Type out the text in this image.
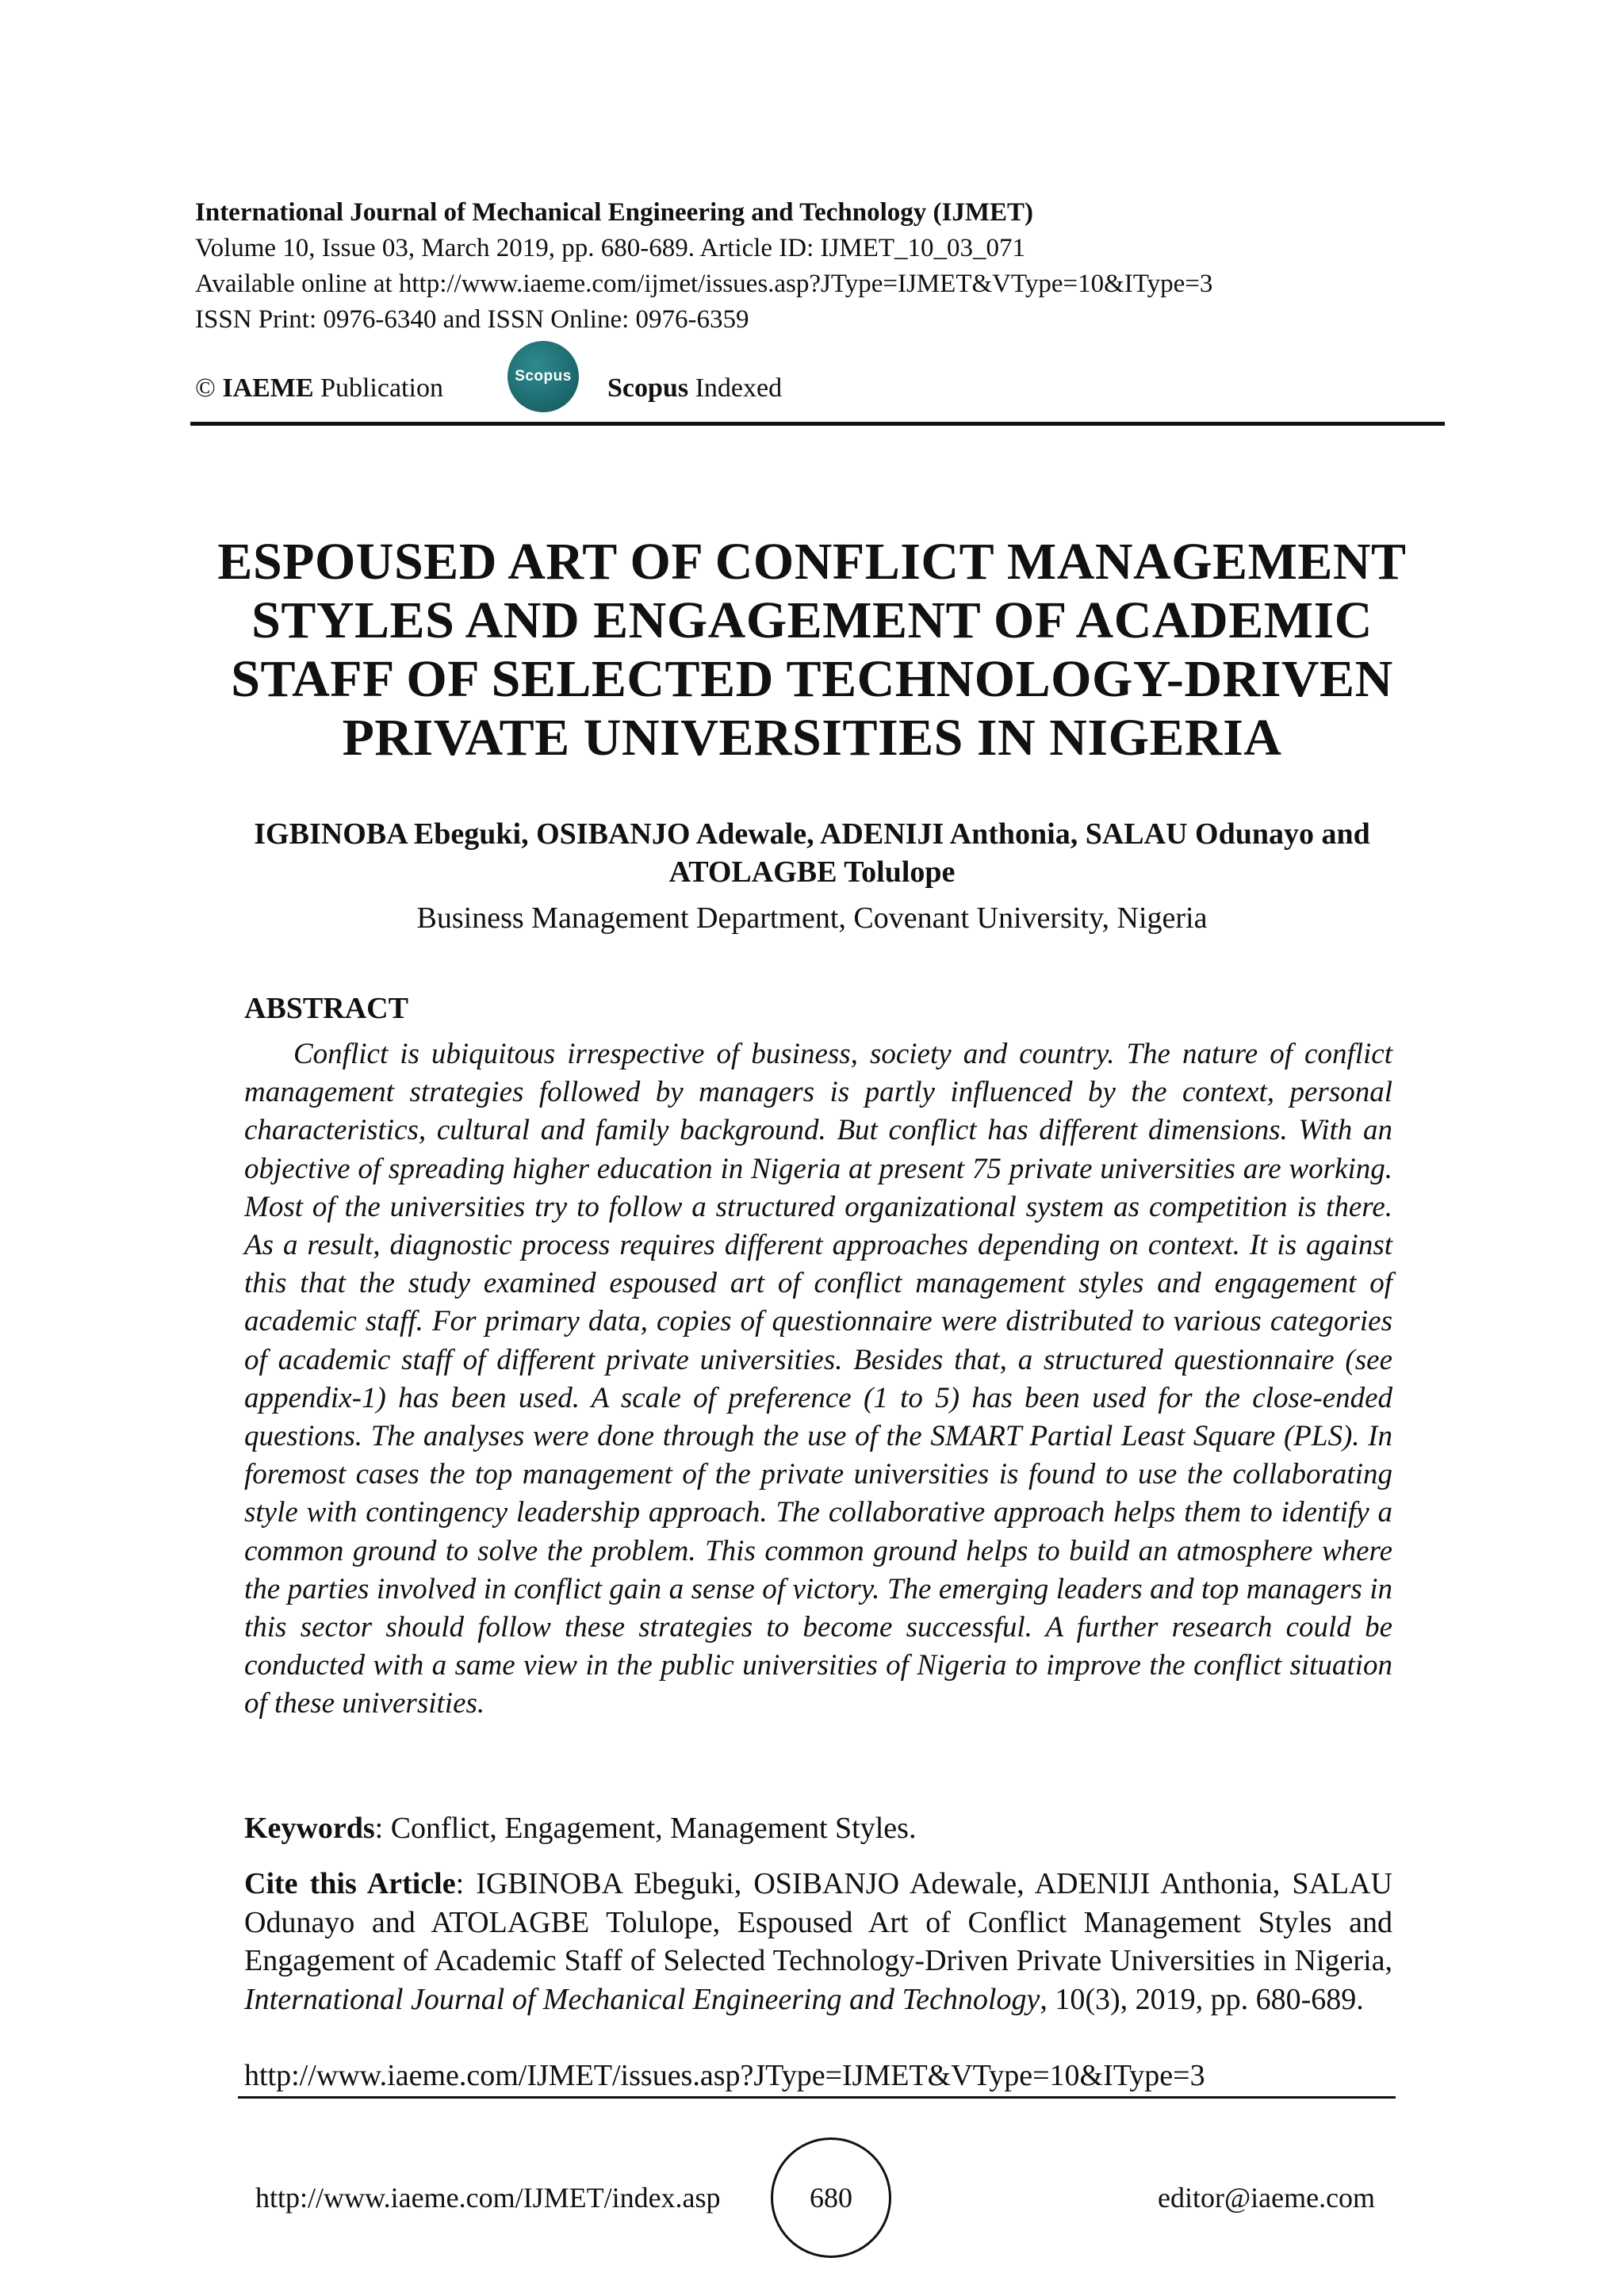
International Journal of Mechanical Engineering and Technology (IJMET)
Volume 10, Issue 03, March 2019, pp. 680-689. Article ID: IJMET_10_03_071
Available online at http://www.iaeme.com/ijmet/issues.asp?JType=IJMET&VType=10&IType=3
ISSN Print: 0976-6340 and ISSN Online: 0976-6359
© IAEME Publication	Scopus Scopus Indexed
ESPOUSED ART OF CONFLICT MANAGEMENT
STYLES AND ENGAGEMENT OF ACADEMIC
STAFF OF SELECTED TECHNOLOGY-DRIVEN
PRIVATE UNIVERSITIES IN NIGERIA
IGBINOBA Ebeguki, OSIBANJO Adewale, ADENIJI Anthonia, SALAU Odunayo and
ATOLAGBE Tolulope
Business Management Department, Covenant University, Nigeria
ABSTRACT
Conflict is ubiquitous irrespective of business, society and country. The nature of conflict management strategies followed by managers is partly influenced by the context, personal characteristics, cultural and family background. But conflict has different dimensions. With an objective of spreading higher education in Nigeria at present 75 private universities are working. Most of the universities try to follow a structured organizational system as competition is there. As a result, diagnostic process requires different approaches depending on context. It is against this that the study examined espoused art of conflict management styles and engagement of academic staff. For primary data, copies of questionnaire were distributed to various categories of academic staff of different private universities. Besides that, a structured questionnaire (see appendix-1) has been used. A scale of preference (1 to 5) has been used for the close-ended questions. The analyses were done through the use of the SMART Partial Least Square (PLS). In foremost cases the top management of the private universities is found to use the collaborating style with contingency leadership approach. The collaborative approach helps them to identify a common ground to solve the problem. This common ground helps to build an atmosphere where the parties involved in conflict gain a sense of victory. The emerging leaders and top managers in this sector should follow these strategies to become successful. A further research could be conducted with a same view in the public universities of Nigeria to improve the conflict situation of these universities.
Keywords: Conflict, Engagement, Management Styles.
Cite this Article: IGBINOBA Ebeguki, OSIBANJO Adewale, ADENIJI Anthonia, SALAU Odunayo and ATOLAGBE Tolulope, Espoused Art of Conflict Management Styles and Engagement of Academic Staff of Selected Technology-Driven Private Universities in Nigeria, International Journal of Mechanical Engineering and Technology, 10(3), 2019, pp. 680-689.
http://www.iaeme.com/IJMET/issues.asp?JType=IJMET&VType=10&IType=3
http://www.iaeme.com/IJMET/index.asp	680	editor@iaeme.com
